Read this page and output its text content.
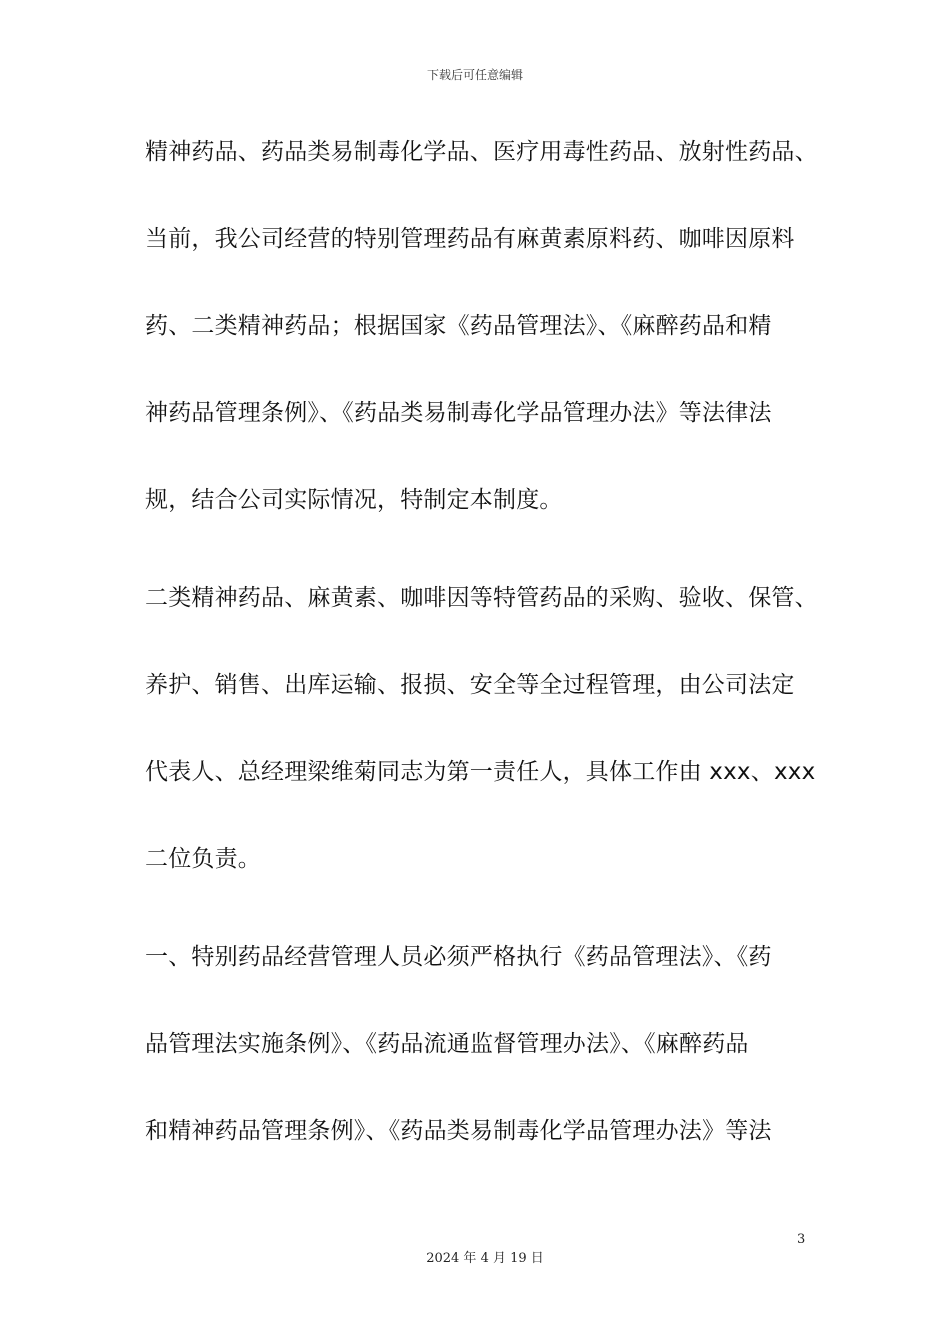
下载后可任意编辑
精神药品、药品类易制毒化学品、医疗用毒性药品、放射性药品、
当前，我公司经营的特别管理药品有麻黄素原料药、咖啡因原料
药、二类精神药品；根据国家《药品管理法》、《麻醉药品和精
神药品管理条例》、《药品类易制毒化学品管理办法》等法律法
规，结合公司实际情况，特制定本制度。
二类精神药品、麻黄素、咖啡因等特管药品的采购、验收、保管、
养护、销售、出库运输、报损、安全等全过程管理，由公司法定
代表人、总经理梁维菊同志为第一责任人，具体工作由 xxx、xxx
二位负责。
一、特别药品经营管理人员必须严格执行《药品管理法》、《药
品管理法实施条例》、《药品流通监督管理办法》、《麻醉药品
和精神药品管理条例》、《药品类易制毒化学品管理办法》等法
3
2024 年 4 月 19 日
